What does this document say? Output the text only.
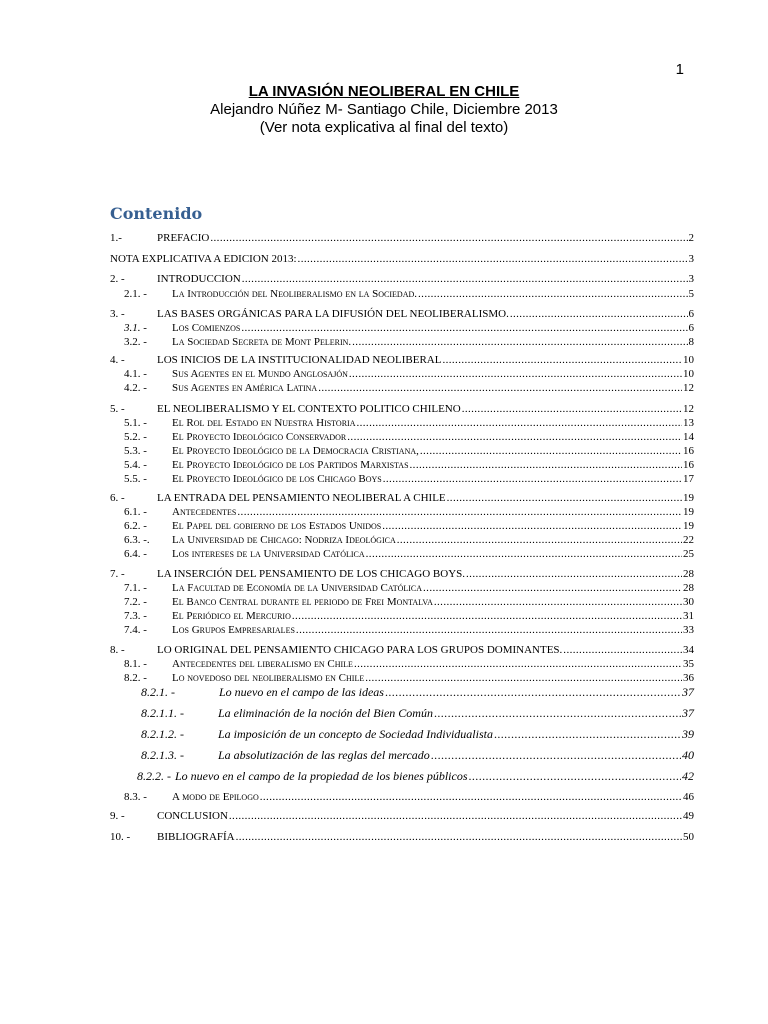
1
LA INVASIÓN NEOLIBERAL EN CHILE
Alejandro Núñez M- Santiago Chile, Diciembre 2013
(Ver nota explicativa al final del texto)
Contenido
1.-	PREFACIO .....	2
NOTA EXPLICATIVA A EDICION 2013: .....	3
2. -	INTRODUCCION .....	3
2.1. -	La Introducción del Neoliberalismo en la Sociedad. .....	5
3. -	LAS BASES ORGÁNICAS PARA LA DIFUSIÓN DEL NEOLIBERALISMO. .....	6
3.1. -	Los Comienzos .....	6
3.2. -	La Sociedad Secreta de Mont Pelerin. .....	8
4. -	LOS INICIOS DE LA INSTITUCIONALIDAD NEOLIBERAL .....	10
4.1. -	Sus Agentes en el Mundo Anglosajón .....	10
4.2. -	Sus Agentes en América Latina .....	12
5. -	EL NEOLIBERALISMO Y EL CONTEXTO POLITICO CHILENO .....	12
5.1. -	El Rol del Estado en Nuestra Historia .....	13
5.2. -	El Proyecto Ideológico Conservador .....	14
5.3. -	El Proyecto Ideológico de la Democracia Cristiana, .....	16
5.4. -	El Proyecto Ideológico de los Partidos Marxistas .....	16
5.5. -	El Proyecto Ideológico de los Chicago Boys .....	17
6. -	LA ENTRADA DEL PENSAMIENTO NEOLIBERAL A CHILE .....	19
6.1. -	Antecedentes .....	19
6.2. -	El Papel del gobierno de los Estados Unidos .....	19
6.3. -.	La Universidad de Chicago: Nodriza Ideológica .....	22
6.4. -	Los intereses de la Universidad Católica .....	25
7. -	LA INSERCIÓN DEL PENSAMIENTO DE LOS CHICAGO BOYS. .....	28
7.1. -	La Facultad de Economía de la Universidad Católica .....	28
7.2. -	El Banco Central durante el periodo de Frei Montalva .....	30
7.3. -	El Periódico el Mercurio .....	31
7.4. -	Los Grupos Empresariales .....	33
8. -	LO ORIGINAL DEL PENSAMIENTO CHICAGO PARA LOS GRUPOS DOMINANTES. .....	34
8.1. -	Antecedentes del liberalismo en Chile .....	35
8.2. -	Lo novedoso del neoliberalismo en Chile .....	36
8.2.1. -	Lo nuevo en el campo de las ideas .....	37
8.2.1.1. -	La eliminación de la noción del Bien Común .....	37
8.2.1.2. -	La imposición de un concepto de Sociedad Individualista .....	39
8.2.1.3. -	La absolutización de las reglas del mercado .....	40
8.2.2. - Lo nuevo en el campo de la propiedad de los bienes públicos .....	42
8.3. -	A modo de Epilogo .....	46
9. -	CONCLUSION .....	49
10. -	BIBLIOGRAFÍA .....	50
